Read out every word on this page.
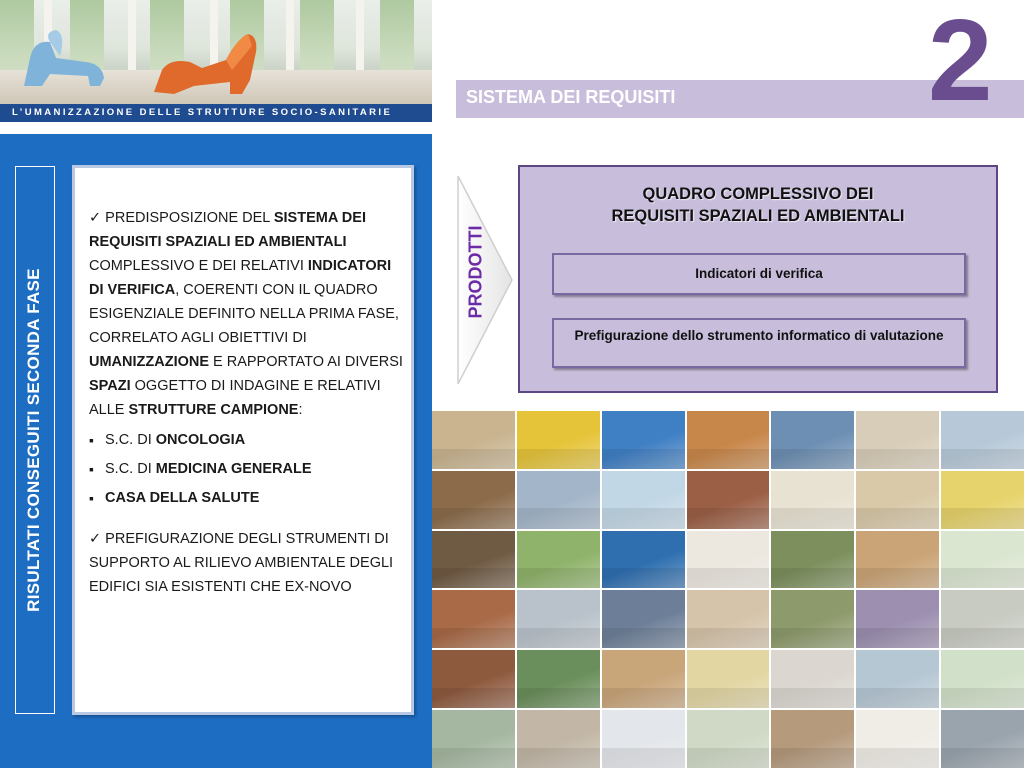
L’UMANIZZAZIONE DELLE STRUTTURE SOCIO-SANITARIE
SISTEMA DEI REQUISITI 2
RISULTATI CONSEGUITI SECONDA FASE

✓ PREDISPOSIZIONE DEL SISTEMA DEI REQUISITI SPAZIALI ED AMBIENTALI COMPLESSIVO E DEI RELATIVI INDICATORI DI VERIFICA, COERENTI CON IL QUADRO ESIGENZIALE DEFINITO NELLA PRIMA FASE, CORRELATO AGLI OBIETTIVI DI UMANIZZAZIONE E RAPPORTATO AI DIVERSI SPAZI OGGETTO DI INDAGINE E RELATIVI ALLE STRUTTURE CAMPIONE:

▪ S.C. DI ONCOLOGIA
▪ S.C. DI MEDICINA GENERALE
▪ CASA DELLA SALUTE

✓ PREFIGURAZIONE DEGLI STRUMENTI DI SUPPORTO AL RILIEVO AMBIENTALE DEGLI EDIFICI SIA ESISTENTI CHE EX-NOVO

PRODOTTI
QUADRO COMPLESSIVO DEI
REQUISITI SPAZIALI ED AMBIENTALI
Indicatori di verifica
Prefigurazione dello strumento informatico di valutazione
